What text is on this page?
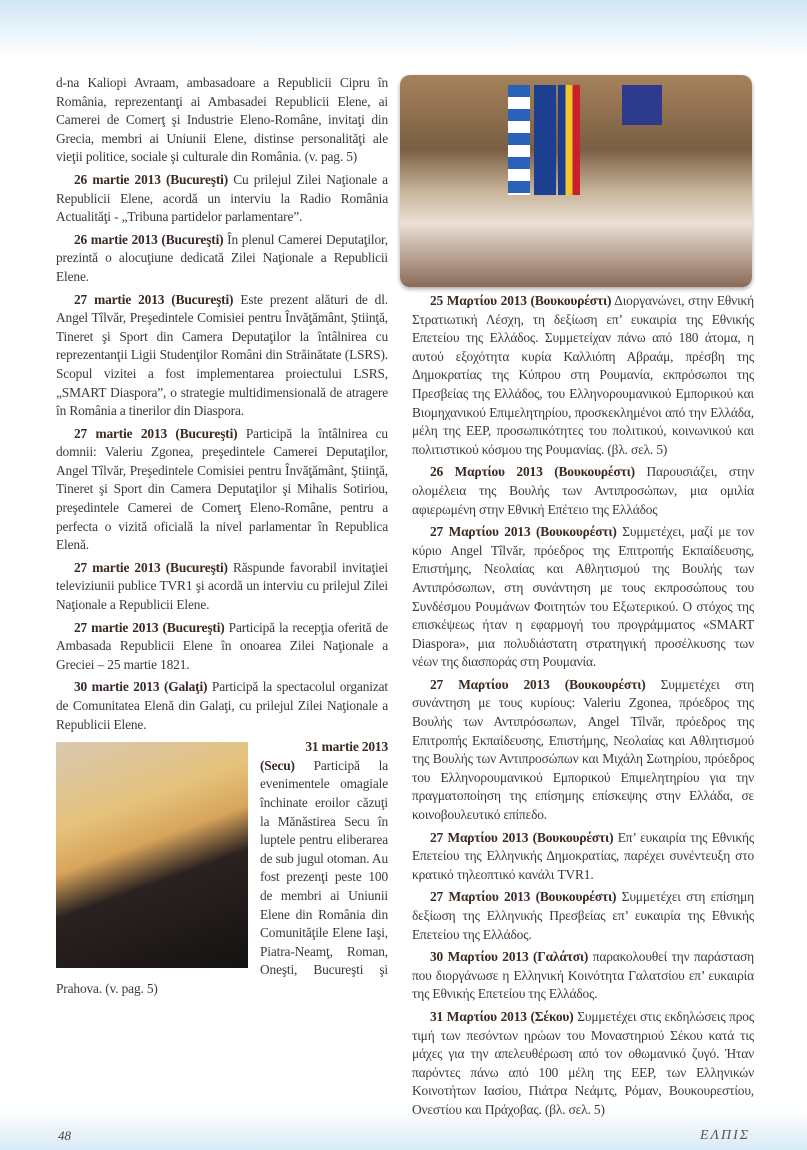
d-na Kaliopi Avraam, ambasadoare a Republicii Cipru în România, reprezentanţi ai Ambasadei Republicii Elene, ai Camerei de Comerţ şi Industrie Eleno-Române, invitaţi din Grecia, membri ai Uniunii Elene, distinse personalităţi ale vieţii politice, sociale şi culturale din România. (v. pag. 5)

26 martie 2013 (Bucureşti) Cu prilejul Zilei Naţionale a Republicii Elene, acordă un interviu la Radio România Actualităţi - „Tribuna partidelor parlamentare”.

26 martie 2013 (Bucureşti) În plenul Camerei Deputaţilor, prezintă o alocuţiune dedicată Zilei Naţionale a Republicii Elene.

27 martie 2013 (Bucureşti) Este prezent alături de dl. Angel Tîlvăr, Preşedintele Comisiei pentru Învăţământ, Ştiinţă, Tineret şi Sport din Camera Deputaţilor la întâlnirea cu reprezentanţii Ligii Studenţilor Români din Străinătate (LSRS). Scopul vizitei a fost implementarea proiectului LSRS, „SMART Diaspora”, o strategie multidimensională de atragere în România a tinerilor din Diaspora.

27 martie 2013 (Bucureşti) Participă la întâlnirea cu domnii: Valeriu Zgonea, preşedintele Camerei Deputaţilor, Angel Tîlvăr, Preşedintele Comisiei pentru Învăţământ, Ştiinţă, Tineret şi Sport din Camera Deputaţilor şi Mihalis Sotiriou, preşedintele Camerei de Comerţ Eleno-Române, pentru a perfecta o vizită oficială la nivel parlamentar în Republica Elenă.

27 martie 2013 (Bucureşti) Răspunde favorabil invitaţiei televiziunii publice TVR1 şi acordă un interviu cu prilejul Zilei Naţionale a Republicii Elene.

27 martie 2013 (Bucureşti) Participă la recepţia oferită de Ambasada Republicii Elene în onoarea Zilei Naţionale a Greciei – 25 martie 1821.

30 martie 2013 (Galaţi) Participă la spectacolul organizat de Comunitatea Elenă din Galaţi, cu prilejul Zilei Naţionale a Republicii Elene.

31 martie 2013
(Secu) Participă la evenimentele omagiale închinate eroilor căzuţi la Mănăstirea Secu în luptele pentru eliberarea de sub jugul otoman. Au fost prezenţi peste 100 de membri ai Uniunii Elene din România din Comunităţile Elene Iaşi, Piatra-Neamţ, Roman, Oneşti, Bucureşti şi Prahova. (v. pag. 5)

25 Μαρτίου 2013 (Βουκουρέστι) Διοργανώνει, στην Εθνική Στρατιωτική Λέσχη, τη δεξίωση επ’ ευκαιρία της Εθνικής Επετείου της Ελλάδος. Συμμετείχαν πάνω από 180 άτομα, η αυτού εξοχότητα κυρία Καλλιόπη Αβραάμ, πρέσβη της Δημοκρατίας της Κύπρου στη Ρουμανία, εκπρόσωποι της Πρεσβείας της Ελλάδος, του Ελληνορουμανικού Εμπορικού και Βιομηχανικού Επιμελητηρίου, προσκεκλημένοι από την Ελλάδα, μέλη της ΕΕΡ, προσωπικότητες του πολιτικού, κοινωνικού και πολιτιστικού κόσμου της Ρουμανίας. (βλ. σελ. 5)

26 Μαρτίου 2013 (Βουκουρέστι) Παρουσιάζει, στην ολομέλεια της Βουλής των Αντιπροσώπων, μια ομιλία αφιερωμένη στην Εθνική Επέτειο της Ελλάδος

27 Μαρτίου 2013 (Βουκουρέστι) Συμμετέχει, μαζί με τον κύριο Angel Tîlvăr, πρόεδρος της Επιτροπής Εκπαίδευσης, Επιστήμης, Νεολαίας και Αθλητισμού της Βουλής των Αντιπρόσωπων, στη συνάντηση με τους εκπροσώπους του Συνδέσμου Ρουμάνων Φοιτητών του Εξωτερικού. Ο στόχος της επισκέψεως ήταν η εφαρμογή του προγράμματος «SMART Diaspora», μια πολυδιάστατη στρατηγική προσέλκυσης των νέων της διασποράς στη Ρουμανία.

27 Μαρτίου 2013 (Βουκουρέστι) Συμμετέχει στη συνάντηση με τους κυρίους: Valeriu Zgonea, πρόεδρος της Βουλής των Αντιπρόσωπων, Angel Tîlvăr, πρόεδρος της Επιτροπής Εκπαίδευσης, Επιστήμης, Νεολαίας και Αθλητισμού της Βουλής των Αντιπροσώπων και Μιχάλη Σωτηρίου, πρόεδρος του Ελληνορουμανικού Εμπορικού Επιμελητηρίου για την πραγματοποίηση της επίσημης επίσκεψης στην Ελλάδα, σε κοινοβουλευτικό επίπεδο.

27 Μαρτίου 2013 (Βουκουρέστι) Επ’ ευκαιρία της Εθνικής Επετείου της Ελληνικής Δημοκρατίας, παρέχει συνέντευξη στο κρατικό τηλεοπτικό κανάλι TVR1.

27 Μαρτίου 2013 (Βουκουρέστι) Συμμετέχει στη επίσημη δεξίωση της Ελληνικής Πρεσβείας επ’ ευκαιρία της Εθνικής Επετείου της Ελλάδος.

30 Μαρτίου 2013 (Γαλάτσι) παρακολουθεί την παράσταση που διοργάνωσε η Ελληνική Κοινότητα Γαλατσίου επ’ ευκαιρία της Εθνικής Επετείου της Ελλάδος.

31 Μαρτίου 2013 (Σέκου) Συμμετέχει στις εκδηλώσεις προς τιμή των πεσόντων ηρώων του Μοναστηριού Σέκου κατά τις μάχες για την απελευθέρωση από τον οθωμανικό ζυγό. Ήταν παρόντες πάνω από 100 μέλη της ΕΕΡ, των Ελληνικών Κοινοτήτων Ιασίου, Πιάτρα Νεάμτς, Ρόμαν, Βουκουρεστίου, Ονεστίου και Πράχοβας. (βλ. σελ. 5)

48	ΕΛΠΙΣ
